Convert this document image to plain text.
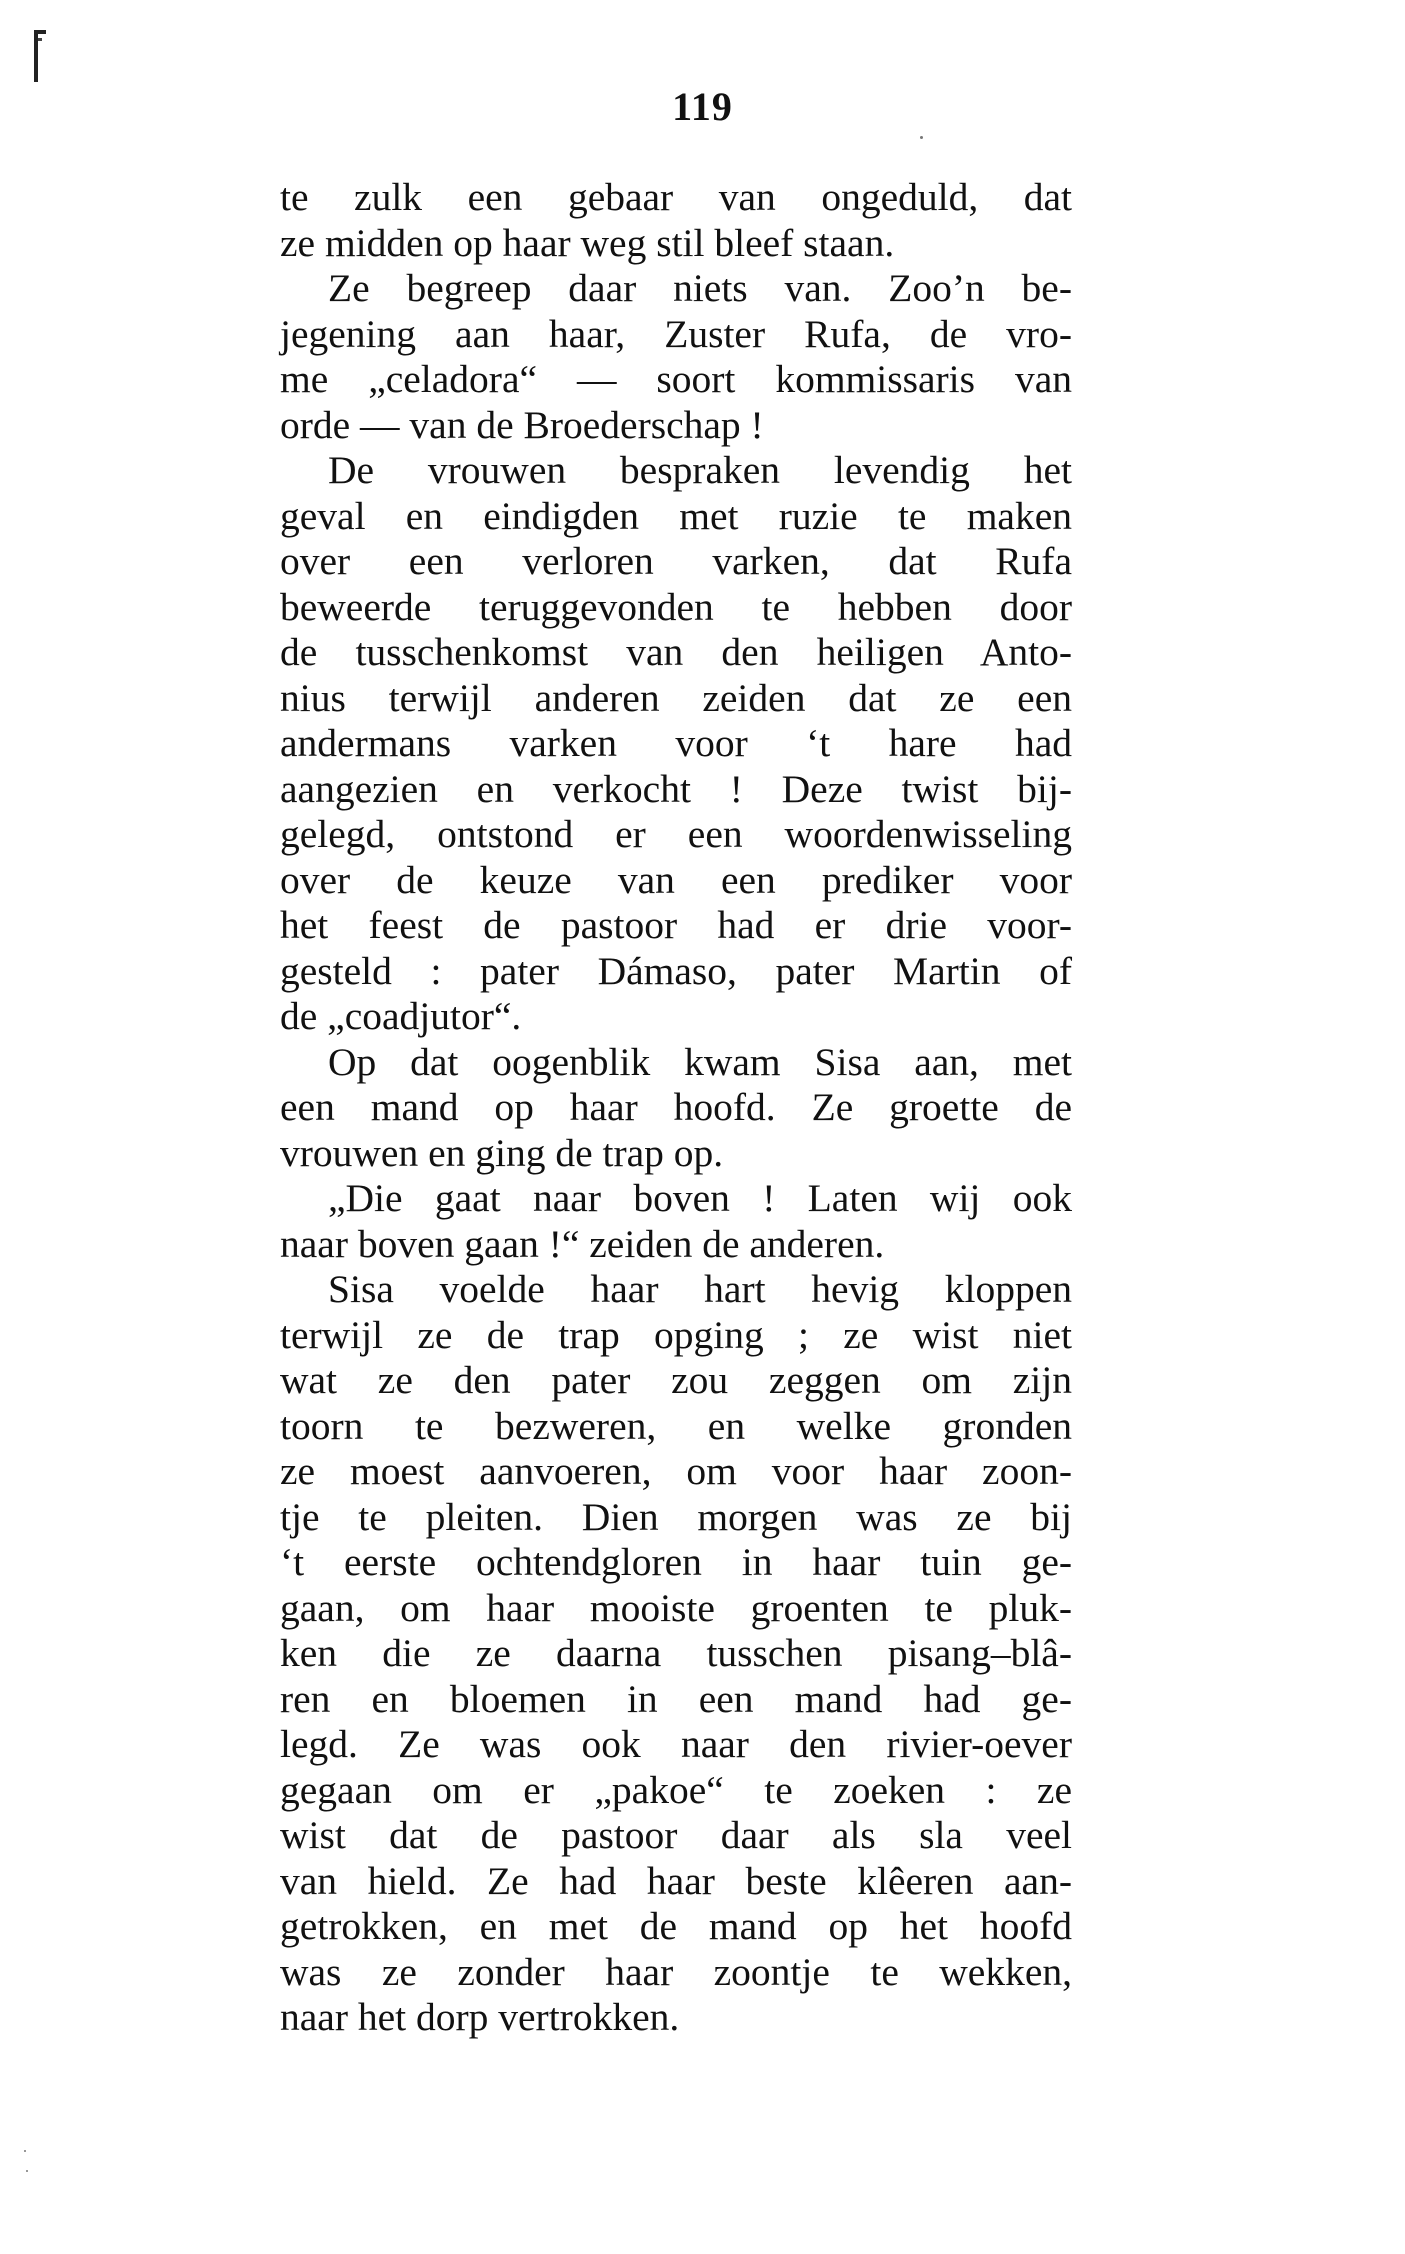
119
te zulk een gebaar van ongeduld, dat
ze midden op haar weg stil bleef staan.
Ze begreep daar niets van. Zoo’n be-
jegening aan haar, Zuster Rufa, de vro-
me „celadora“ — soort kommissaris van
orde — van de Broederschap !
De vrouwen bespraken levendig het
geval en eindigden met ruzie te maken
over een verloren varken, dat Rufa
beweerde teruggevonden te hebben door
de tusschenkomst van den heiligen Anto-
nius terwijl anderen zeiden dat ze een
andermans varken voor ‘t hare had
aangezien en verkocht ! Deze twist bij-
gelegd, ontstond er een woordenwisseling
over de keuze van een prediker voor
het feest de pastoor had er drie voor-
gesteld : pater Dámaso, pater Martin of
de „coadjutor“.
Op dat oogenblik kwam Sisa aan, met
een mand op haar hoofd. Ze groette de
vrouwen en ging de trap op.
„Die gaat naar boven ! Laten wij ook
naar boven gaan !“ zeiden de anderen.
Sisa voelde haar hart hevig kloppen
terwijl ze de trap opging ; ze wist niet
wat ze den pater zou zeggen om zijn
toorn te bezweren, en welke gronden
ze moest aanvoeren, om voor haar zoon-
tje te pleiten. Dien morgen was ze bij
‘t eerste ochtendgloren in haar tuin ge-
gaan, om haar mooiste groenten te pluk-
ken die ze daarna tusschen pisang–blâ-
ren en bloemen in een mand had ge-
legd. Ze was ook naar den rivier-oever
gegaan om er „pakoe“ te zoeken : ze
wist dat de pastoor daar als sla veel
van hield. Ze had haar beste klêeren aan-
getrokken, en met de mand op het hoofd
was ze zonder haar zoontje te wekken,
naar het dorp vertrokken.
